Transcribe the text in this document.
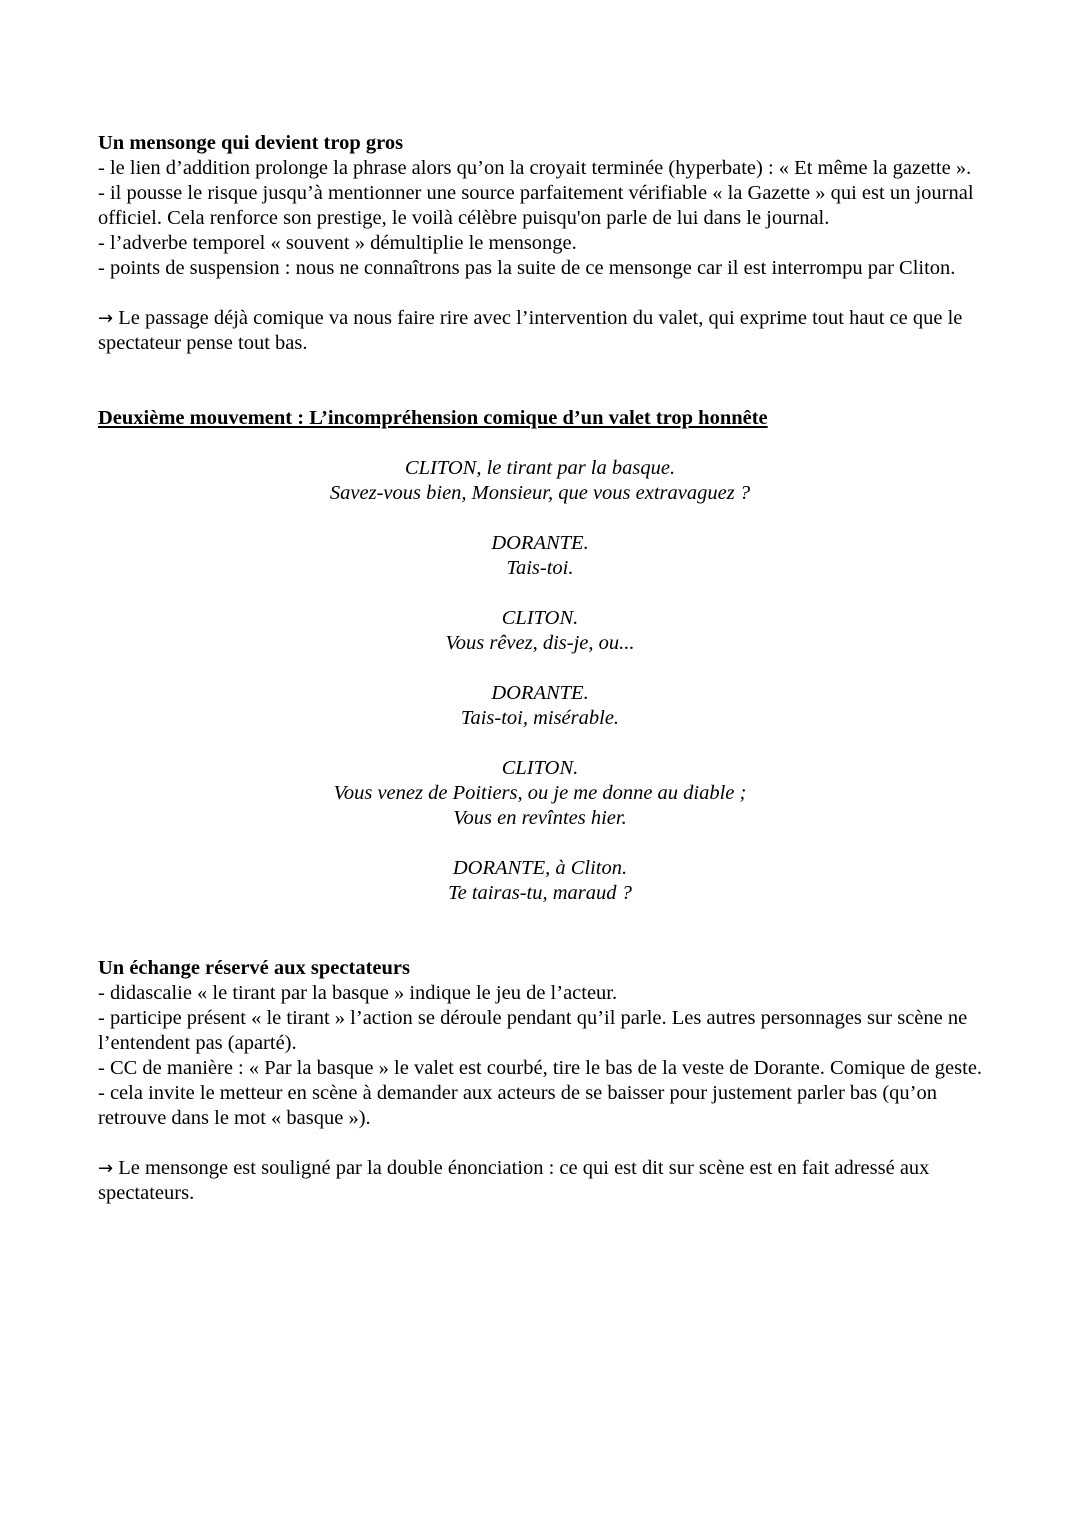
Un mensonge qui devient trop gros

- le lien d’addition prolonge la phrase alors qu’on la croyait terminée (hyperbate) : « Et même la gazette ».

- il pousse le risque jusqu’à mentionner une source parfaitement vérifiable « la Gazette » qui est un journal officiel. Cela renforce son prestige, le voilà célèbre puisqu'on parle de lui dans le journal.

- l’adverbe temporel « souvent » démultiplie le mensonge.

- points de suspension : nous ne connaîtrons pas la suite de ce mensonge car il est interrompu par Cliton.

→ Le passage déjà comique va nous faire rire avec l’intervention du valet, qui exprime tout haut ce que le spectateur pense tout bas.

Deuxième mouvement : L’incompréhension comique d’un valet trop honnête

CLITON, le tirant par la basque.

Savez-vous bien, Monsieur, que vous extravaguez ?

DORANTE.

Tais-toi.

CLITON.

Vous rêvez, dis-je, ou...

DORANTE.

Tais-toi, misérable.

CLITON.

Vous venez de Poitiers, ou je me donne au diable ;

Vous en revîntes hier.

DORANTE, à Cliton.

Te tairas-tu, maraud ?

Un échange réservé aux spectateurs

- didascalie « le tirant par la basque » indique le jeu de l’acteur.

- participe présent « le tirant » l’action se déroule pendant qu’il parle. Les autres personnages sur scène ne l’entendent pas (aparté).

- CC de manière : « Par la basque » le valet est courbé, tire le bas de la veste de Dorante. Comique de geste.

- cela invite le metteur en scène à demander aux acteurs de se baisser pour justement parler bas (qu’on retrouve dans le mot « basque »).

→ Le mensonge est souligné par la double énonciation : ce qui est dit sur scène est en fait adressé aux spectateurs.
